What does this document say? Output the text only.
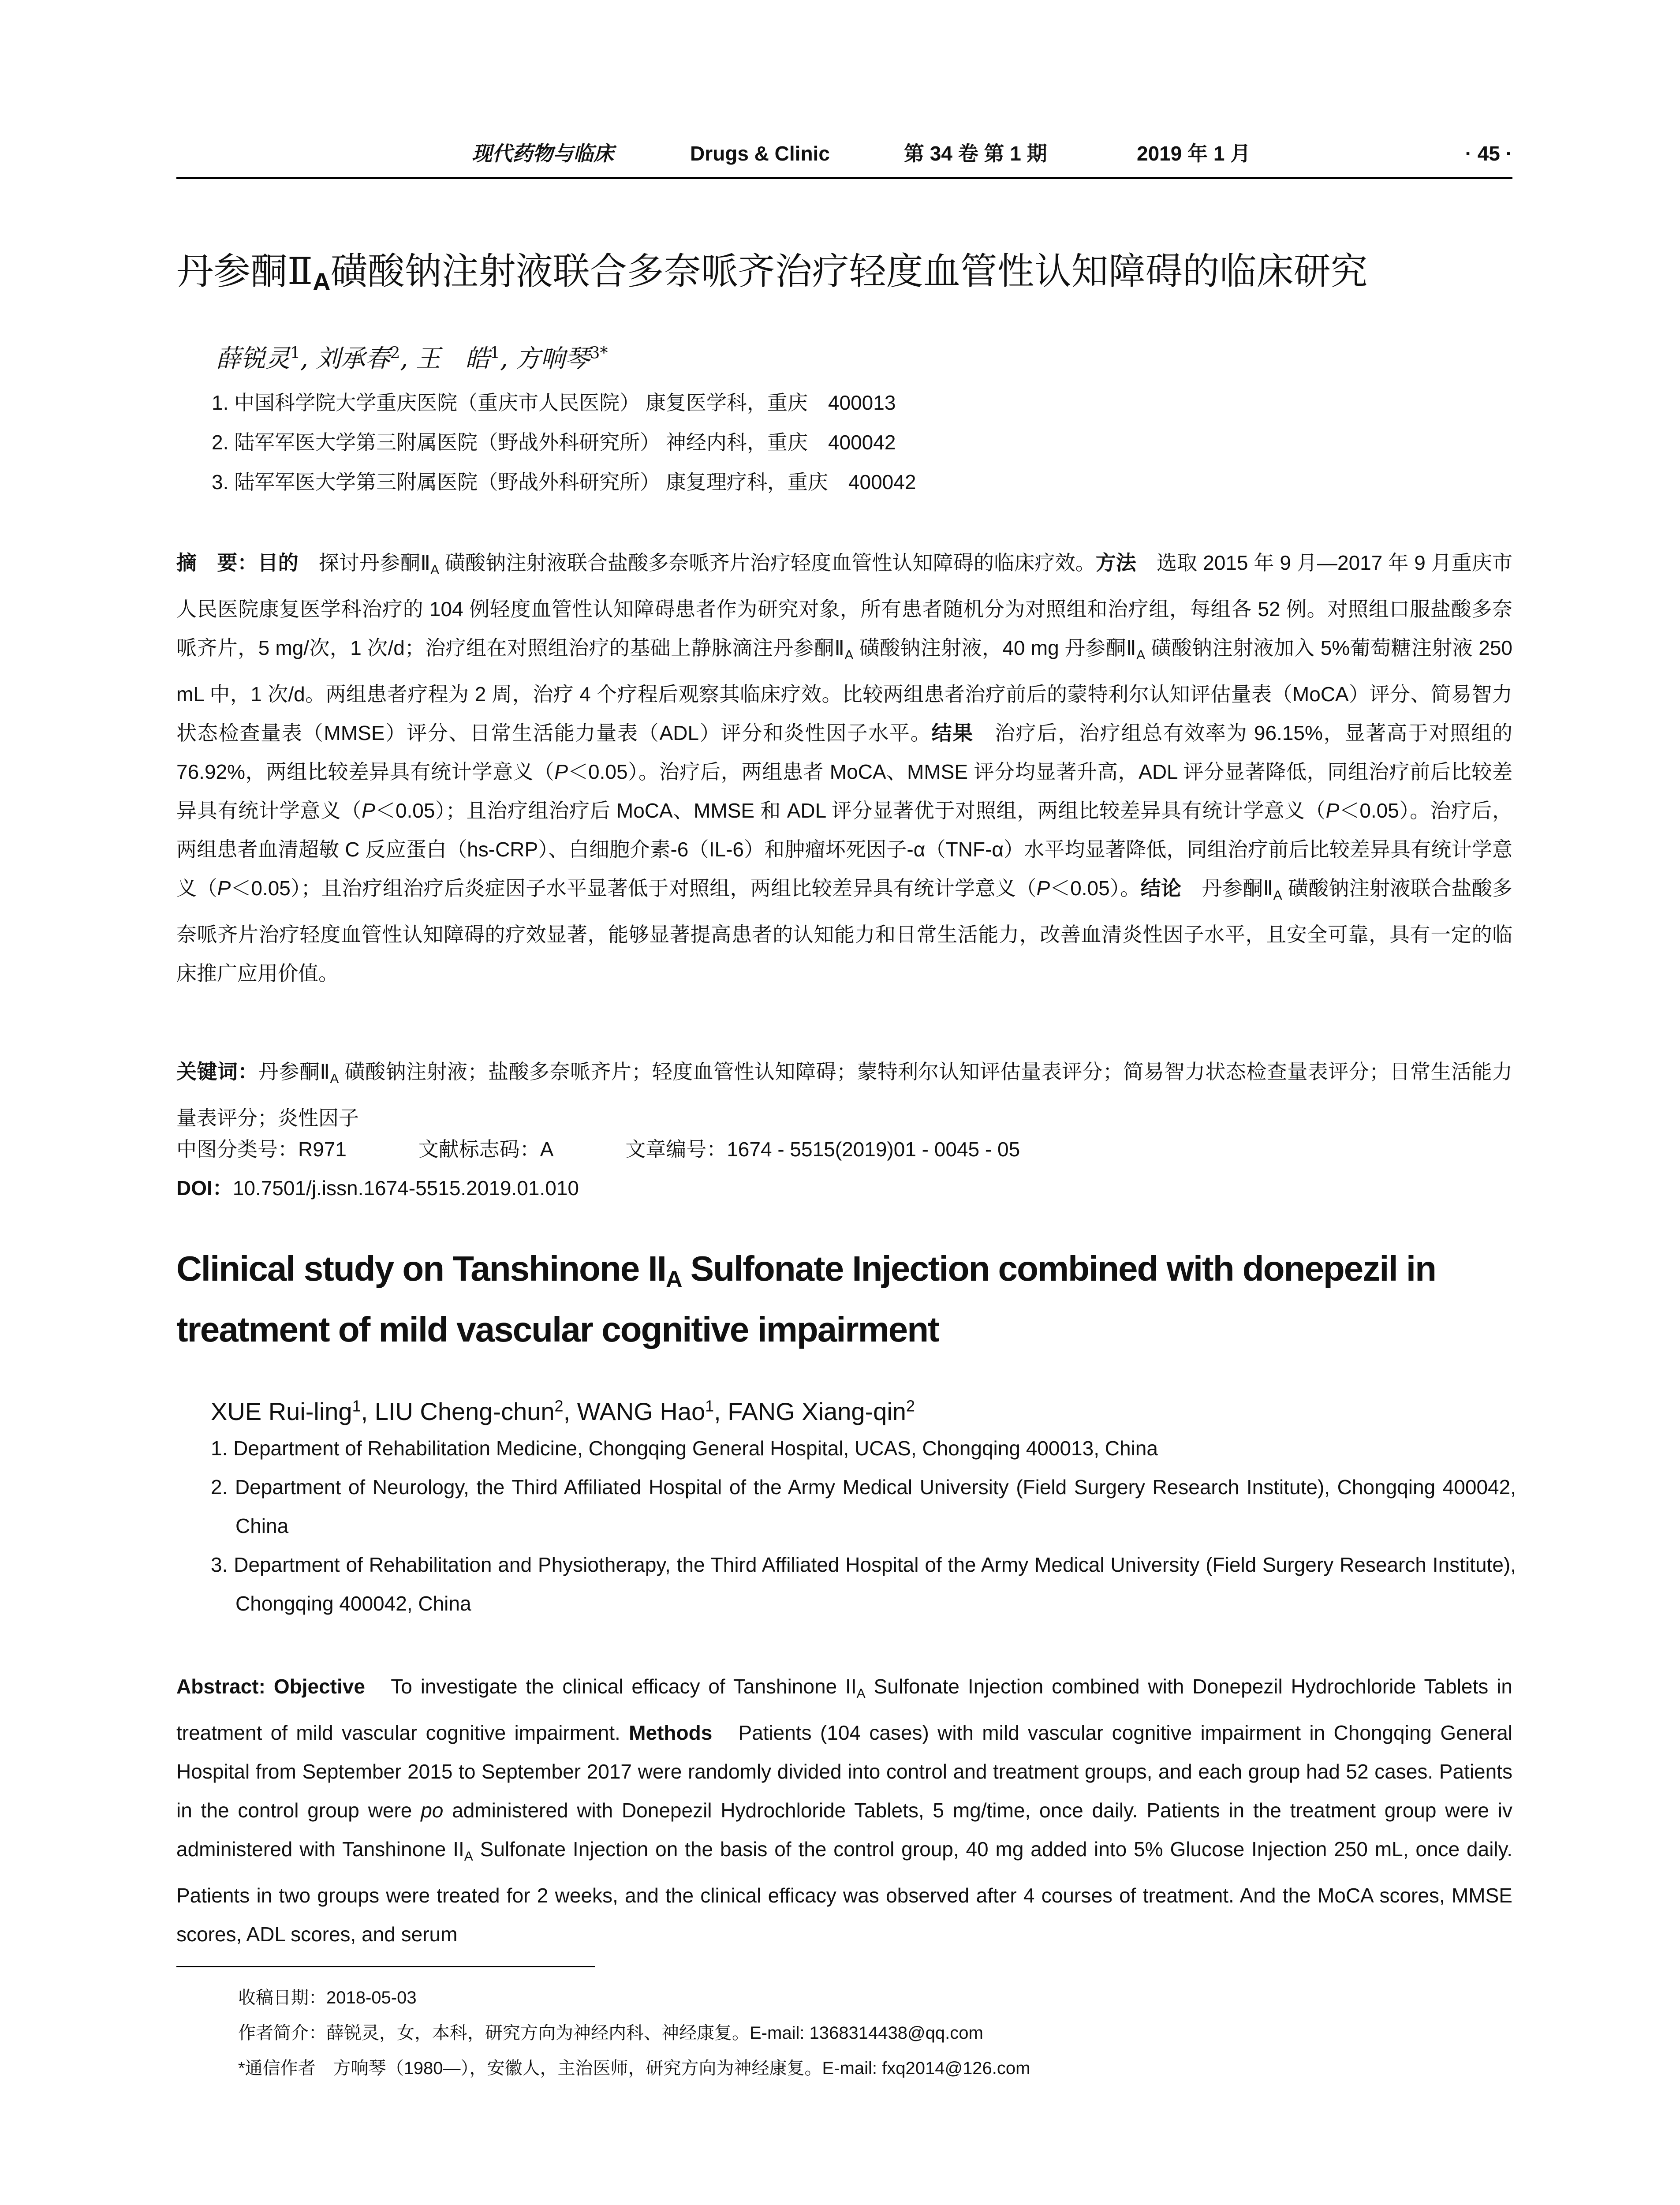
现代药物与临床	Drugs & Clinic	第 34 卷 第 1 期	2019 年 1 月	· 45 ·
丹参酮$Ⅱ_A$磺酸钠注射液联合多奈哌齐治疗轻度血管性认知障碍的临床研究
薛锐灵$^1$, 刘承春$^2$, 王　皓$^1$, 方响琴$^{3*}$
1. 中国科学院大学重庆医院（重庆市人民医院） 康复医学科，重庆　400013
2. 陆军军医大学第三附属医院（野战外科研究所） 神经内科，重庆　400042
3. 陆军军医大学第三附属医院（野战外科研究所） 康复理疗科，重庆　400042
摘　要：目的　探讨丹参酮$Ⅱ_A$ 磺酸钠注射液联合盐酸多奈哌齐片治疗轻度血管性认知障碍的临床疗效。方法　选取 2015 年 9 月—2017 年 9 月重庆市人民医院康复医学科治疗的 104 例轻度血管性认知障碍患者作为研究对象，所有患者随机分为对照组和治疗组，每组各 52 例。对照组口服盐酸多奈哌齐片，5 mg/次，1 次/d；治疗组在对照组治疗的基础上静脉滴注丹参酮$Ⅱ_A$ 磺酸钠注射液，40 mg 丹参酮$Ⅱ_A$ 磺酸钠注射液加入 5%葡萄糖注射液 250 mL 中，1 次/d。两组患者疗程为 2 周，治疗 4 个疗程后观察其临床疗效。比较两组患者治疗前后的蒙特利尔认知评估量表（MoCA）评分、简易智力状态检查量表（MMSE）评分、日常生活能力量表（ADL）评分和炎性因子水平。结果　治疗后，治疗组总有效率为 96.15%，显著高于对照组的 76.92%，两组比较差异具有统计学意义（P＜0.05）。治疗后，两组患者 MoCA、MMSE 评分均显著升高，ADL 评分显著降低，同组治疗前后比较差异具有统计学意义（P＜0.05）；且治疗组治疗后 MoCA、MMSE 和 ADL 评分显著优于对照组，两组比较差异具有统计学意义（P＜0.05）。治疗后，两组患者血清超敏 C 反应蛋白（hs-CRP）、白细胞介素-6（IL-6）和肿瘤坏死因子-α（TNF-α）水平均显著降低，同组治疗前后比较差异具有统计学意义（P＜0.05）；且治疗组治疗后炎症因子水平显著低于对照组，两组比较差异具有统计学意义（P＜0.05）。结论　丹参酮$Ⅱ_A$ 磺酸钠注射液联合盐酸多奈哌齐片治疗轻度血管性认知障碍的疗效显著，能够显著提高患者的认知能力和日常生活能力，改善血清炎性因子水平，且安全可靠，具有一定的临床推广应用价值。
关键词：丹参酮$Ⅱ_A$ 磺酸钠注射液；盐酸多奈哌齐片；轻度血管性认知障碍；蒙特利尔认知评估量表评分；简易智力状态检查量表评分；日常生活能力量表评分；炎性因子
中图分类号：R971	文献标志码：A	文章编号：1674 - 5515(2019)01 - 0045 - 05
DOI：10.7501/j.issn.1674-5515.2019.01.010
Clinical study on Tanshinone $II_A$ Sulfonate Injection combined with donepezil in treatment of mild vascular cognitive impairment
XUE Rui-ling$^1$, LIU Cheng-chun$^2$, WANG Hao$^1$, FANG Xiang-qin$^2$
1. Department of Rehabilitation Medicine, Chongqing General Hospital, UCAS, Chongqing 400013, China
2. Department of Neurology, the Third Affiliated Hospital of the Army Medical University (Field Surgery Research Institute), Chongqing 400042, China
3. Department of Rehabilitation and Physiotherapy, the Third Affiliated Hospital of the Army Medical University (Field Surgery Research Institute), Chongqing 400042, China
Abstract: Objective　To investigate the clinical efficacy of Tanshinone $II_A$ Sulfonate Injection combined with Donepezil Hydrochloride Tablets in treatment of mild vascular cognitive impairment. Methods　Patients (104 cases) with mild vascular cognitive impairment in Chongqing General Hospital from September 2015 to September 2017 were randomly divided into control and treatment groups, and each group had 52 cases. Patients in the control group were po administered with Donepezil Hydrochloride Tablets, 5 mg/time, once daily. Patients in the treatment group were iv administered with Tanshinone $II_A$ Sulfonate Injection on the basis of the control group, 40 mg added into 5% Glucose Injection 250 mL, once daily. Patients in two groups were treated for 2 weeks, and the clinical efficacy was observed after 4 courses of treatment. And the MoCA scores, MMSE scores, ADL scores, and serum
收稿日期：2018-05-03
作者简介：薛锐灵，女，本科，研究方向为神经内科、神经康复。E-mail: 1368314438@qq.com
*通信作者　方响琴（1980—），安徽人，主治医师，研究方向为神经康复。E-mail: fxq2014@126.com
